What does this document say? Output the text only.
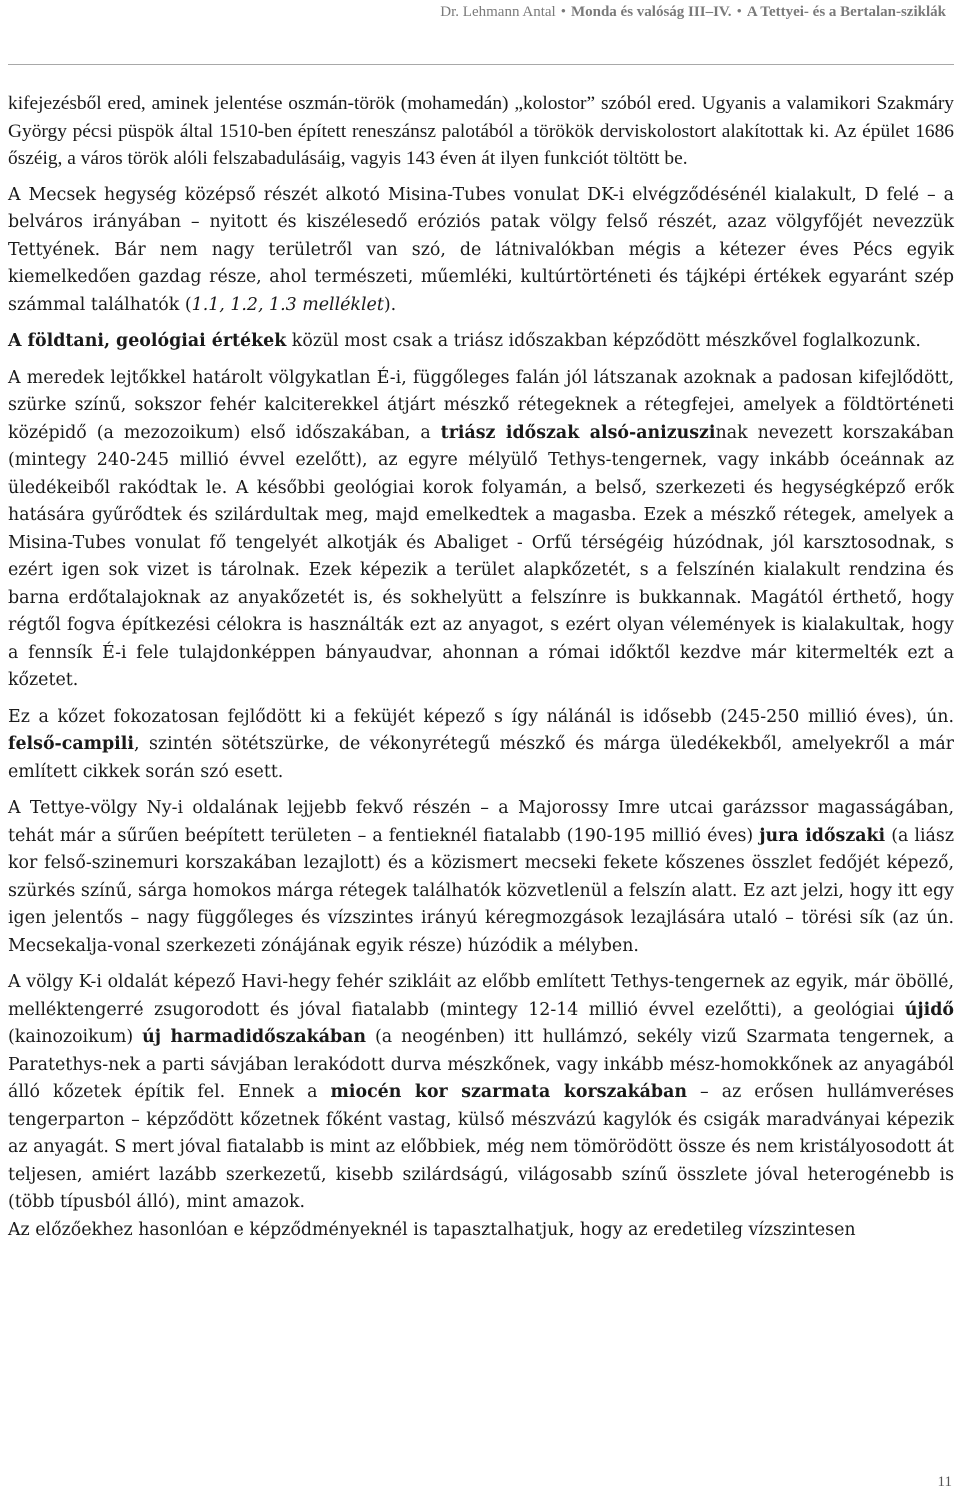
Dr. Lehmann Antal • Monda és valóság III–IV. • A Tettyei- és a Bertalan-sziklák

kifejezésből ered, aminek jelentése oszmán-török (mohamedán) „kolostor” szóból ered. Ugyanis a valamikori Szakmáry György pécsi püspök által 1510-ben épített reneszánsz palotából a törökök derviskolostort alakítottak ki. Az épület 1686 őszéig, a város török alóli felszabadulásáig, vagyis 143 éven át ilyen funkciót töltött be.

A Mecsek hegység középső részét alkotó Misina-Tubes vonulat DK-i elvégződésénél kialakult, D felé – a belváros irányában – nyitott és kiszélesedő eróziós patak völgy felső részét, azaz völgyfőjét nevezzük Tettyének. Bár nem nagy területről van szó, de látnivalókban mégis a kétezer éves Pécs egyik kiemelkedően gazdag része, ahol természeti, műemléki, kultúrtörténeti és tájképi értékek egyaránt szép számmal találhatók (1.1, 1.2, 1.3 melléklet).

A földtani, geológiai értékek közül most csak a triász időszakban képződött mészkővel foglalkozunk.

A meredek lejtőkkel határolt völgykatlan É-i, függőleges falán jól látszanak azoknak a padosan kifejlődött, szürke színű, sokszor fehér kalciterekkel átjárt mészkő rétegeknek a rétegfejei, amelyek a földtörténeti középidő (a mezozoikum) első időszakában, a triász időszak alsó-anizuszinak nevezett korszakában (mintegy 240-245 millió évvel ezelőtt), az egyre mélyülő Tethys-tengernek, vagy inkább óceánnak az üledékeiből rakódtak le. A későbbi geológiai korok folyamán, a belső, szerkezeti és hegységképző erők hatására gyűrődtek és szilárdultak meg, majd emelkedtek a magasba. Ezek a mészkő rétegek, amelyek a Misina-Tubes vonulat fő tengelyét alkotják és Abaliget - Orfű térségéig húzódnak, jól karsztosodnak, s ezért igen sok vizet is tárolnak. Ezek képezik a terület alapkőzetét, s a felszínén kialakult rendzina és barna erdőtalajoknak az anyakőzetét is, és sokhelyütt a felszínre is bukkannak. Magától érthető, hogy régtől fogva építkezési célokra is használták ezt az anyagot, s ezért olyan vélemények is kialakultak, hogy a fennsík É-i fele tulajdonképpen bányaudvar, ahonnan a római időktől kezdve már kitermelték ezt a kőzetet.

Ez a kőzet fokozatosan fejlődött ki a feküjét képező s így nálánál is idősebb (245-250 millió éves), ún. felső-campili, szintén sötétszürke, de vékonyrétegű mészkő és márga üledékekből, amelyekről a már említett cikkek során szó esett.

A Tettye-völgy Ny-i oldalának lejjebb fekvő részén – a Majorossy Imre utcai garázssor magasságában, tehát már a sűrűen beépített területen – a fentieknél fiatalabb (190-195 millió éves) jura időszaki (a liász kor felső-szinemuri korszakában lezajlott) és a közismert mecseki fekete kőszenes összlet fedőjét képező, szürkés színű, sárga homokos márga rétegek találhatók közvetlenül a felszín alatt. Ez azt jelzi, hogy itt egy igen jelentős – nagy függőleges és vízszintes irányú kéregmozgások lezajlására utaló – törési sík (az ún. Mecsekalja-vonal szerkezeti zónájának egyik része) húzódik a mélyben.

A völgy K-i oldalát képező Havi-hegy fehér szikláit az előbb említett Tethys-tengernek az egyik, már öböllé, melléktengerré zsugorodott és jóval fiatalabb (mintegy 12-14 millió évvel ezelőtti), a geológiai újidő (kainozoikum) új harmadidőszakában (a neogénben) itt hullámzó, sekély vizű Szarmata tengernek, a Paratethys-nek a parti sávjában lerakódott durva mészkőnek, vagy inkább mész-homokkőnek az anyagából álló kőzetek építik fel. Ennek a miocén kor szarmata korszakában – az erősen hullámveréses tengerparton – képződött kőzetnek főként vastag, külső mészvázú kagylók és csigák maradványai képezik az anyagát. S mert jóval fiatalabb is mint az előbbiek, még nem tömörödött össze és nem kristályosodott át teljesen, amiért lazább szerkezetű, kisebb szilárdságú, világosabb színű összlete jóval heterogénebb is (több típusból álló), mint amazok.

Az előzőekhez hasonlóan e képződményeknél is tapasztalhatjuk, hogy az eredetileg vízszintesen

11
